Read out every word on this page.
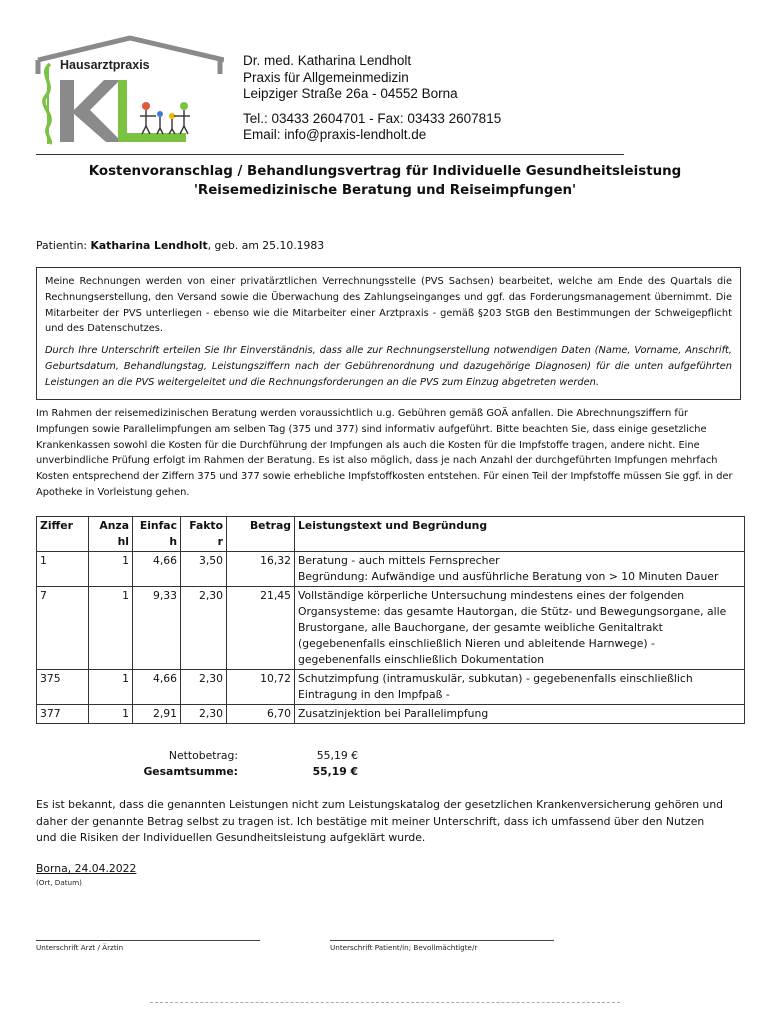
Hausarztpraxis	Dr. med. Katharina Lendholt
Praxis für Allgemeinmedizin
Leipziger Straße 26a - 04552 Borna
Tel.: 03433 2604701 - Fax: 03433 2607815
Email: info@praxis-lendholt.de
Kostenvoranschlag / Behandlungsvertrag für Individuelle Gesundheitsleistung
'Reisemedizinische Beratung und Reiseimpfungen'
Patientin: Katharina Lendholt, geb. am 25.10.1983

Meine Rechnungen werden von einer privatärztlichen Verrechnungsstelle (PVS Sachsen) bearbeitet, welche am Ende des Quartals die Rechnungserstellung, den Versand sowie die Überwachung des Zahlungseinganges und ggf. das Forderungsmanagement übernimmt. Die Mitarbeiter der PVS unterliegen - ebenso wie die Mitarbeiter einer Arztpraxis - gemäß §203 StGB den Bestimmungen der Schweigepflicht und des Datenschutzes.

Durch Ihre Unterschrift erteilen Sie Ihr Einverständnis, dass alle zur Rechnungserstellung notwendigen Daten (Name, Vorname, Anschrift, Geburtsdatum, Behandlungstag, Leistungsziffern nach der Gebührenordnung und dazugehörige Diagnosen) für die unten aufgeführten Leistungen an die PVS weitergeleitet und die Rechnungsforderungen an die PVS zum Einzug abgetreten werden.

Im Rahmen der reisemedizinischen Beratung werden voraussichtlich u.g. Gebühren gemäß GOÄ anfallen. Die Abrechnungsziffern für Impfungen sowie Parallelimpfungen am selben Tag (375 und 377) sind informativ aufgeführt. Bitte beachten Sie, dass einige gesetzliche Krankenkassen sowohl die Kosten für die Durchführung der Impfungen als auch die Kosten für die Impfstoffe tragen, andere nicht. Eine unverbindliche Prüfung erfolgt im Rahmen der Beratung. Es ist also möglich, dass je nach Anzahl der durchgeführten Impfungen mehrfach Kosten entsprechend der Ziffern 375 und 377 sowie erhebliche Impfstoffkosten entstehen. Für einen Teil der Impfstoffe müssen Sie ggf. in der Apotheke in Vorleistung gehen.
Ziffer	Anza hl	Einfac h	Fakto r	Betrag	Leistungstext und Begründung
1	1	4,66	3,50	16,32	Beratung - auch mittels Fernsprecher
Begründung: Aufwändige und ausführliche Beratung von > 10 Minuten Dauer

7	1	9,33	2,30	21,45	Vollständige körperliche Untersuchung mindestens eines der folgenden Organsysteme: das gesamte Hautorgan, die Stütz- und Bewegungsorgane, alle Brustorgane, alle Bauchorgane, der gesamte weibliche Genitaltrakt (gegebenenfalls einschließlich Nieren und ableitende Harnwege) - gegebenenfalls einschließlich Dokumentation
375	1	4,66	2,30	10,72	Schutzimpfung (intramuskulär, subkutan) - gegebenenfalls einschließlich Eintragung in den Impfpaß -
377	1	2,91	2,30	6,70	Zusatzinjektion bei Parallelimpfung
Nettobetrag:	55,19 €
Gesamtsumme:	55,19 €
Es ist bekannt, dass die genannten Leistungen nicht zum Leistungskatalog der gesetzlichen Krankenversicherung gehören und daher der genannte Betrag selbst zu tragen ist. Ich bestätige mit meiner Unterschrift, dass ich umfassend über den Nutzen und die Risiken der Individuellen Gesundheitsleistung aufgeklärt wurde.
Borna, 24.04.2022
(Ort, Datum)
Unterschrift Arzt / Ärztin	Unterschrift Patient/in; Bevollmächtigte/r
